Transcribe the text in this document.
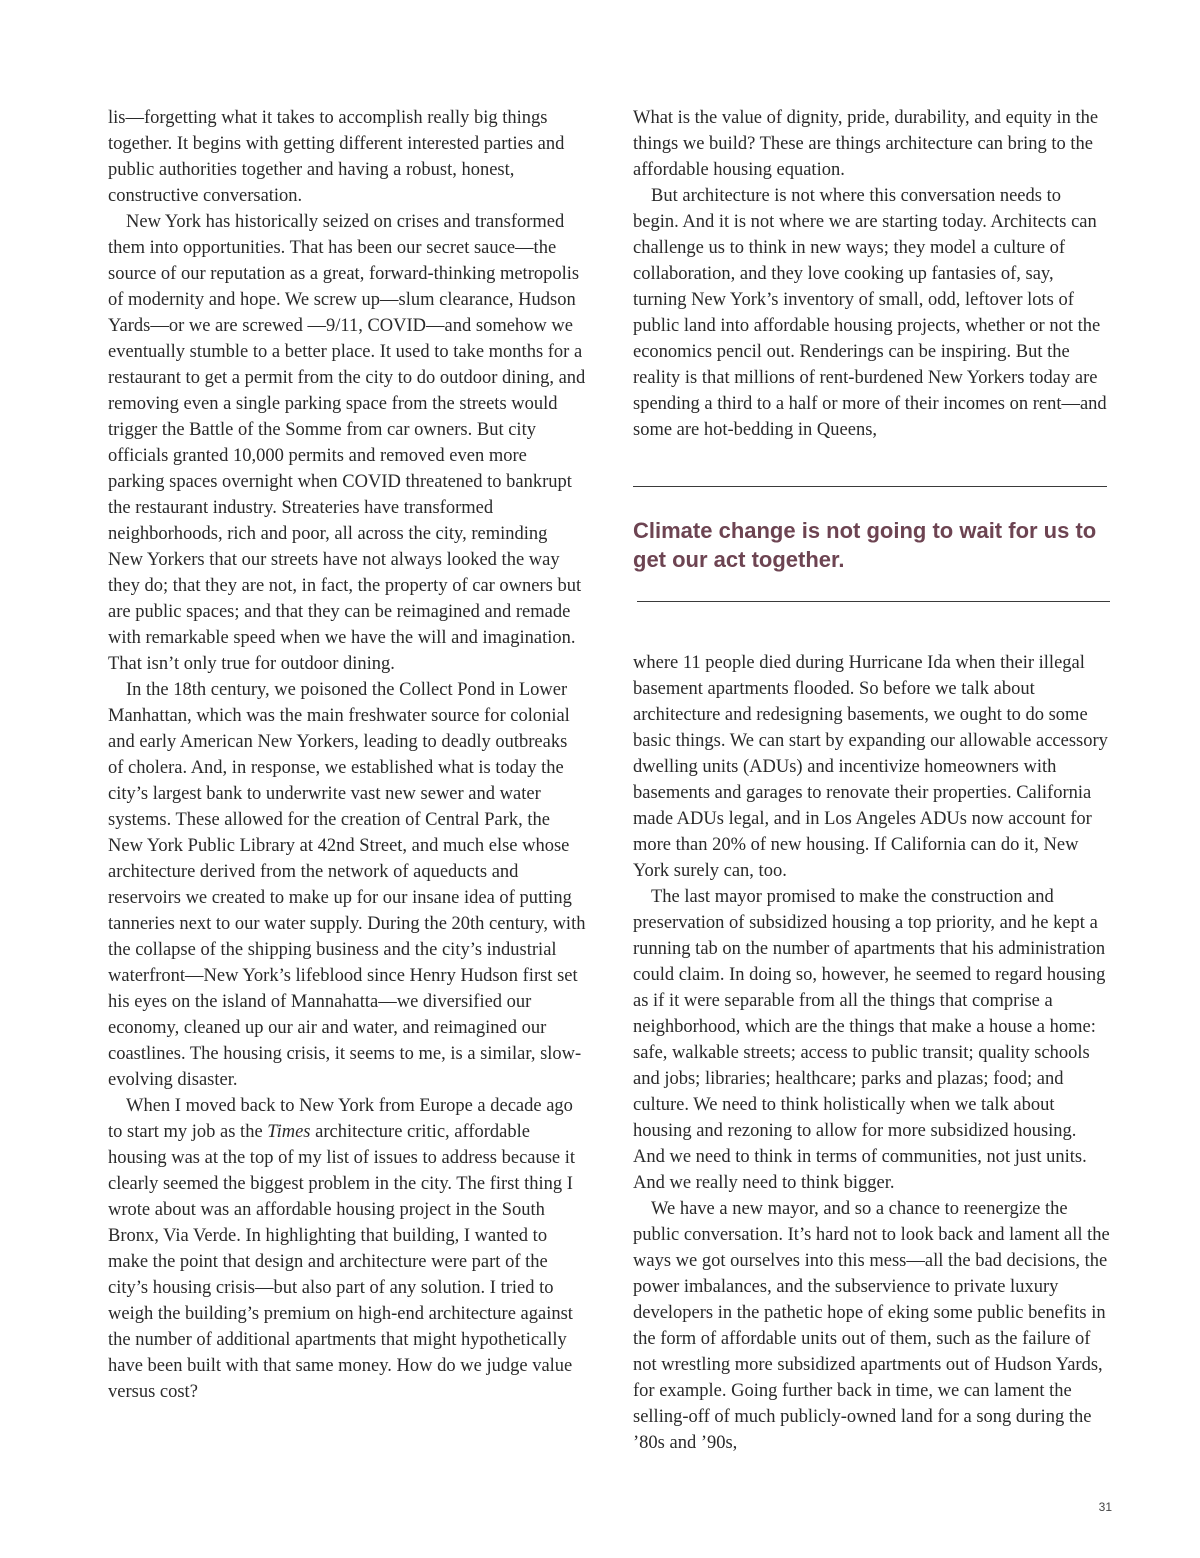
lis—forgetting what it takes to accomplish really big things together. It begins with getting different interested parties and public authorities together and having a robust, honest, constructive conversation.

New York has historically seized on crises and transformed them into opportunities. That has been our secret sauce—the source of our reputation as a great, forward-thinking metropolis of modernity and hope. We screw up—slum clearance, Hudson Yards—or we are screwed —9/11, COVID—and somehow we eventually stumble to a better place. It used to take months for a restaurant to get a permit from the city to do outdoor dining, and removing even a single parking space from the streets would trigger the Battle of the Somme from car owners. But city officials granted 10,000 permits and removed even more parking spaces overnight when COVID threatened to bankrupt the restaurant industry. Streateries have transformed neighborhoods, rich and poor, all across the city, reminding New Yorkers that our streets have not always looked the way they do; that they are not, in fact, the property of car owners but are public spaces; and that they can be reimagined and remade with remarkable speed when we have the will and imagination. That isn’t only true for outdoor dining.

In the 18th century, we poisoned the Collect Pond in Lower Manhattan, which was the main freshwater source for colonial and early American New Yorkers, leading to deadly outbreaks of cholera. And, in response, we established what is today the city’s largest bank to underwrite vast new sewer and water systems. These allowed for the creation of Central Park, the New York Public Library at 42nd Street, and much else whose architecture derived from the network of aqueducts and reservoirs we created to make up for our insane idea of putting tanneries next to our water supply. During the 20th century, with the collapse of the shipping business and the city’s industrial waterfront—New York’s lifeblood since Henry Hudson first set his eyes on the island of Mannahatta—we diversified our economy, cleaned up our air and water, and reimagined our coastlines. The housing crisis, it seems to me, is a similar, slow-evolving disaster.

When I moved back to New York from Europe a decade ago to start my job as the Times architecture critic, affordable housing was at the top of my list of issues to address because it clearly seemed the biggest problem in the city. The first thing I wrote about was an affordable housing project in the South Bronx, Via Verde. In highlighting that building, I wanted to make the point that design and architecture were part of the city’s housing crisis—but also part of any solution. I tried to weigh the building’s premium on high-end architecture against the number of additional apartments that might hypothetically have been built with that same money. How do we judge value versus cost?

What is the value of dignity, pride, durability, and equity in the things we build? These are things architecture can bring to the affordable housing equation.

But architecture is not where this conversation needs to begin. And it is not where we are starting today. Architects can challenge us to think in new ways; they model a culture of collaboration, and they love cooking up fantasies of, say, turning New York’s inventory of small, odd, leftover lots of public land into affordable housing projects, whether or not the economics pencil out. Renderings can be inspiring. But the reality is that millions of rent-burdened New Yorkers today are spending a third to a half or more of their incomes on rent—and some are hot-bedding in Queens,

Climate change is not going to wait for us to get our act together.

where 11 people died during Hurricane Ida when their illegal basement apartments flooded. So before we talk about architecture and redesigning basements, we ought to do some basic things. We can start by expanding our allowable accessory dwelling units (ADUs) and incentivize homeowners with basements and garages to renovate their properties. California made ADUs legal, and in Los Angeles ADUs now account for more than 20% of new housing. If California can do it, New York surely can, too.

The last mayor promised to make the construction and preservation of subsidized housing a top priority, and he kept a running tab on the number of apartments that his administration could claim. In doing so, however, he seemed to regard housing as if it were separable from all the things that comprise a neighborhood, which are the things that make a house a home: safe, walkable streets; access to public transit; quality schools and jobs; libraries; healthcare; parks and plazas; food; and culture. We need to think holistically when we talk about housing and rezoning to allow for more subsidized housing. And we need to think in terms of communities, not just units. And we really need to think bigger.

We have a new mayor, and so a chance to reenergize the public conversation. It’s hard not to look back and lament all the ways we got ourselves into this mess—all the bad decisions, the power imbalances, and the subservience to private luxury developers in the pathetic hope of eking some public benefits in the form of affordable units out of them, such as the failure of not wrestling more subsidized apartments out of Hudson Yards, for example. Going further back in time, we can lament the selling-off of much publicly-owned land for a song during the ’80s and ’90s,

31
